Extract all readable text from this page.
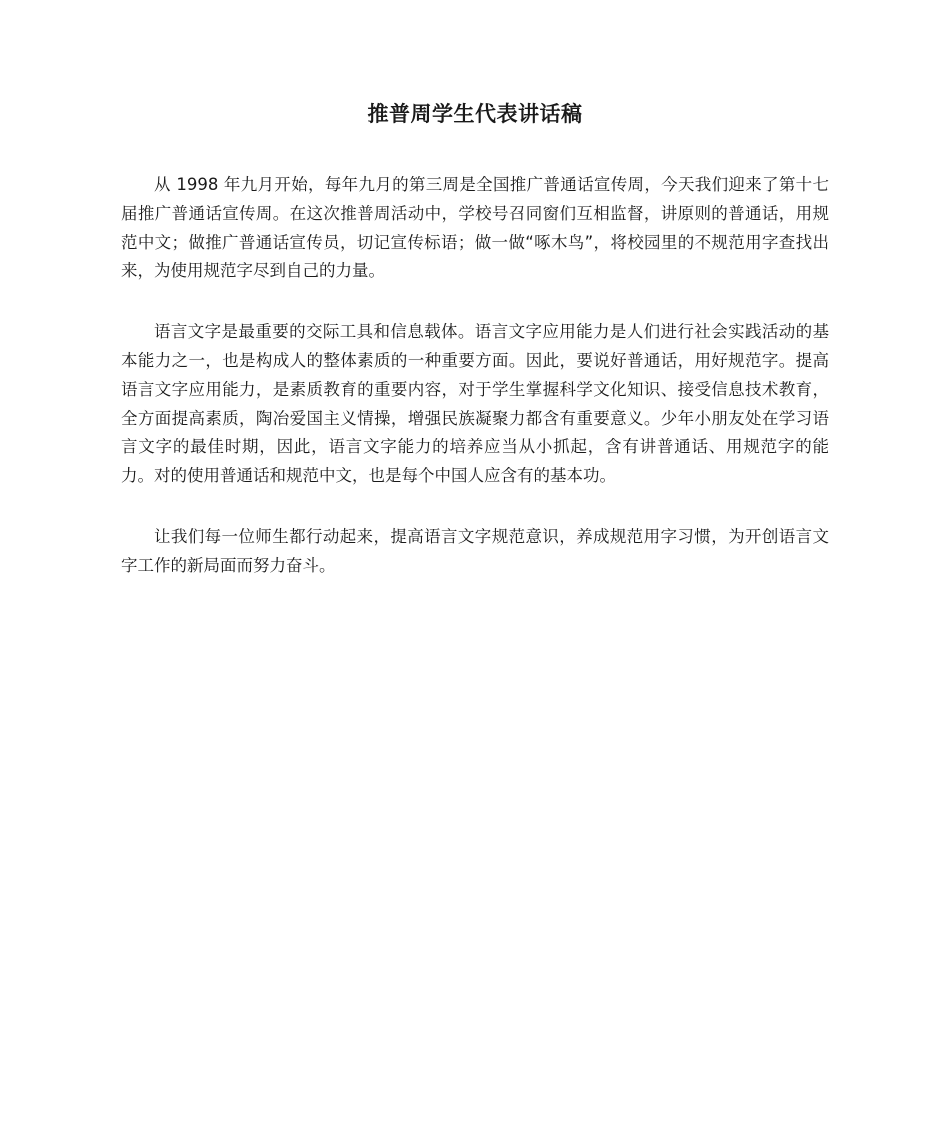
推普周学生代表讲话稿

从 1998 年九月开始，每年九月的第三周是全国推广普通话宣传周，今天我们迎来了第十七届推广普通话宣传周。在这次推普周活动中，学校号召同窗们互相监督，讲原则的普通话，用规范中文；做推广普通话宣传员，切记宣传标语；做一做“啄木鸟”，将校园里的不规范用字查找出来，为使用规范字尽到自己的力量。

语言文字是最重要的交际工具和信息载体。语言文字应用能力是人们进行社会实践活动的基本能力之一，也是构成人的整体素质的一种重要方面。因此，要说好普通话，用好规范字。提高语言文字应用能力，是素质教育的重要内容，对于学生掌握科学文化知识、接受信息技术教育，全方面提高素质，陶冶爱国主义情操，增强民族凝聚力都含有重要意义。少年小朋友处在学习语言文字的最佳时期，因此，语言文字能力的培养应当从小抓起，含有讲普通话、用规范字的能力。对的使用普通话和规范中文，也是每个中国人应含有的基本功。

让我们每一位师生都行动起来，提高语言文字规范意识，养成规范用字习惯，为开创语言文字工作的新局面而努力奋斗。
